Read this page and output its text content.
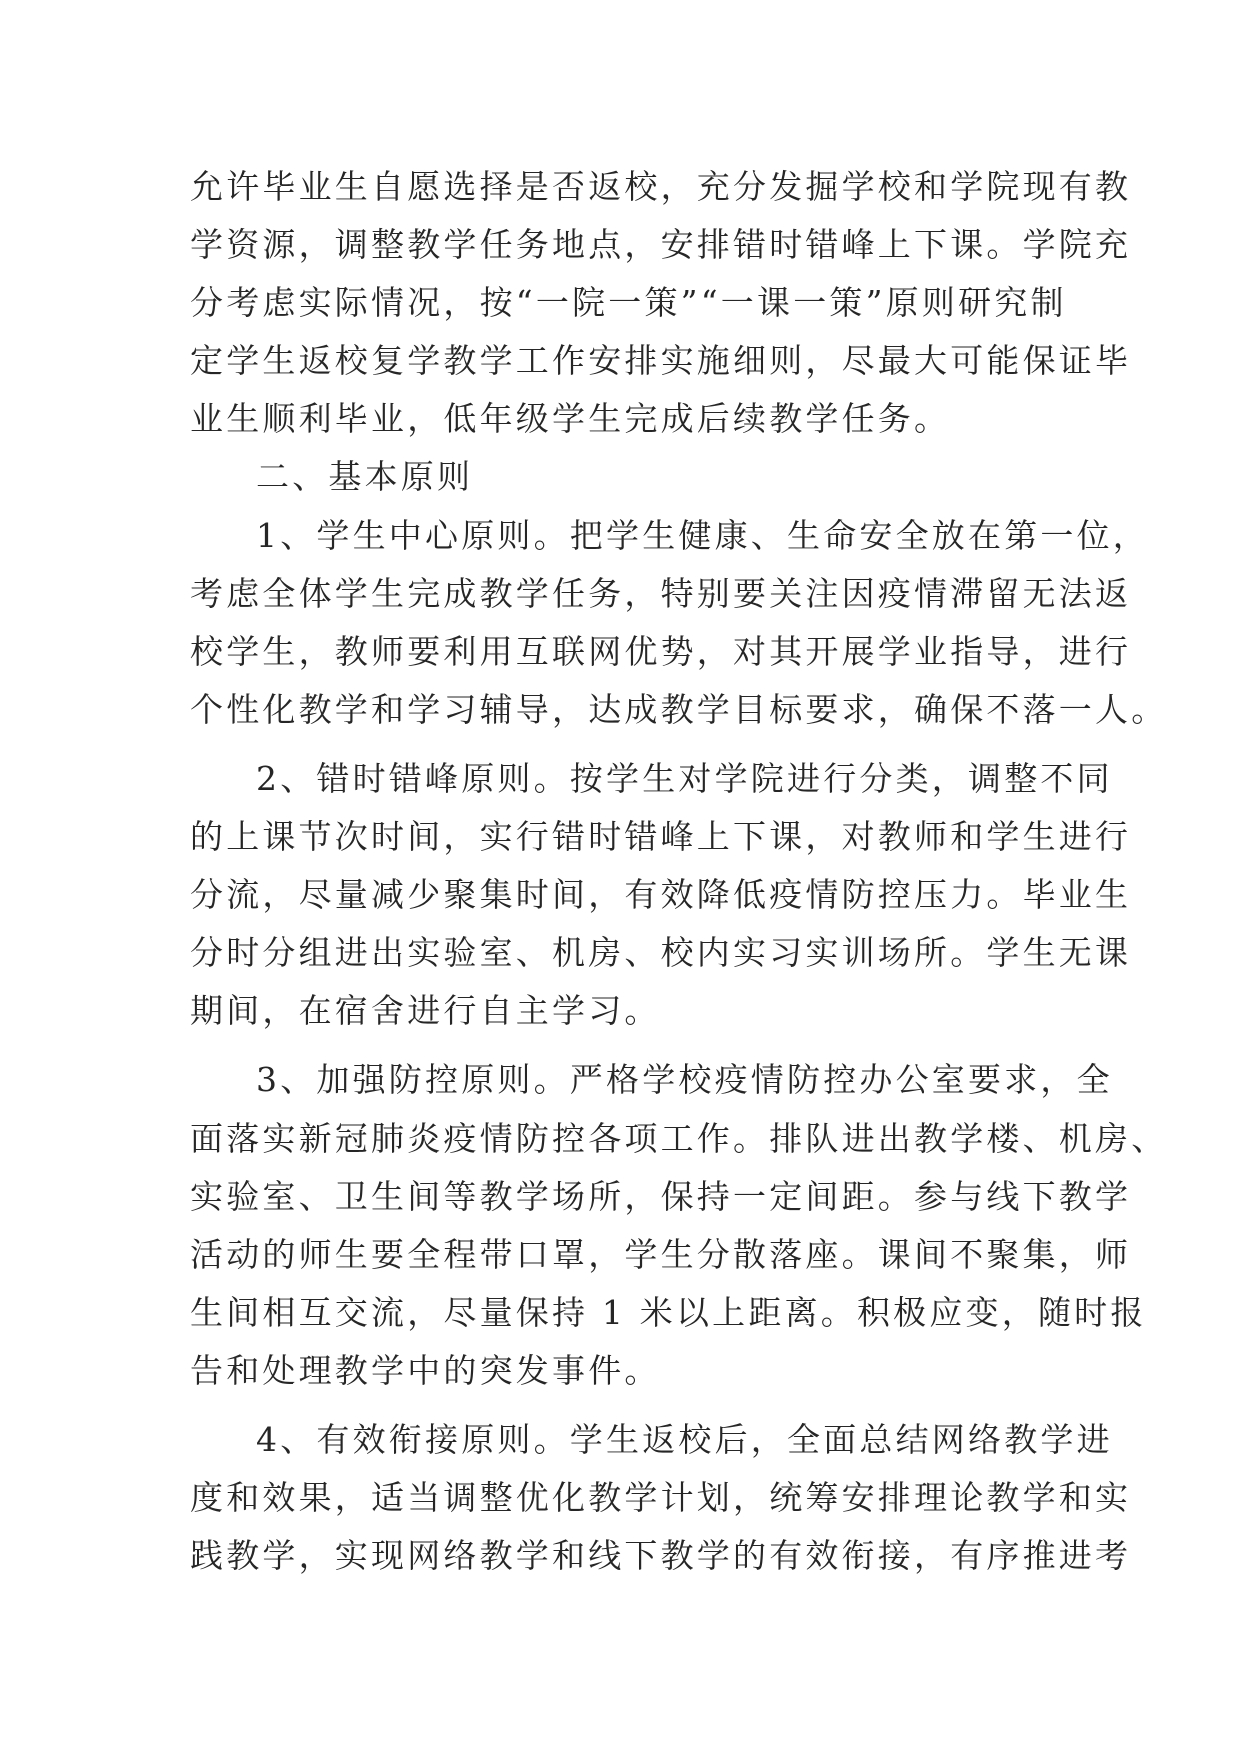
允许毕业生自愿选择是否返校，充分发掘学校和学院现有教
学资源，调整教学任务地点，安排错时错峰上下课。学院充
分考虑实际情况，按“一院一策”“一课一策”原则研究制
定学生返校复学教学工作安排实施细则，尽最大可能保证毕
业生顺利毕业，低年级学生完成后续教学任务。
二、基本原则
1、学生中心原则。把学生健康、生命安全放在第一位，
考虑全体学生完成教学任务，特别要关注因疫情滞留无法返
校学生，教师要利用互联网优势，对其开展学业指导，进行
个性化教学和学习辅导，达成教学目标要求，确保不落一人。
2、错时错峰原则。按学生对学院进行分类，调整不同
的上课节次时间，实行错时错峰上下课，对教师和学生进行
分流，尽量减少聚集时间，有效降低疫情防控压力。毕业生
分时分组进出实验室、机房、校内实习实训场所。学生无课
期间，在宿舍进行自主学习。
3、加强防控原则。严格学校疫情防控办公室要求，全
面落实新冠肺炎疫情防控各项工作。排队进出教学楼、机房、
实验室、卫生间等教学场所，保持一定间距。参与线下教学
活动的师生要全程带口罩，学生分散落座。课间不聚集，师
生间相互交流，尽量保持 1 米以上距离。积极应变，随时报
告和处理教学中的突发事件。
4、有效衔接原则。学生返校后，全面总结网络教学进
度和效果，适当调整优化教学计划，统筹安排理论教学和实
践教学，实现网络教学和线下教学的有效衔接，有序推进考
